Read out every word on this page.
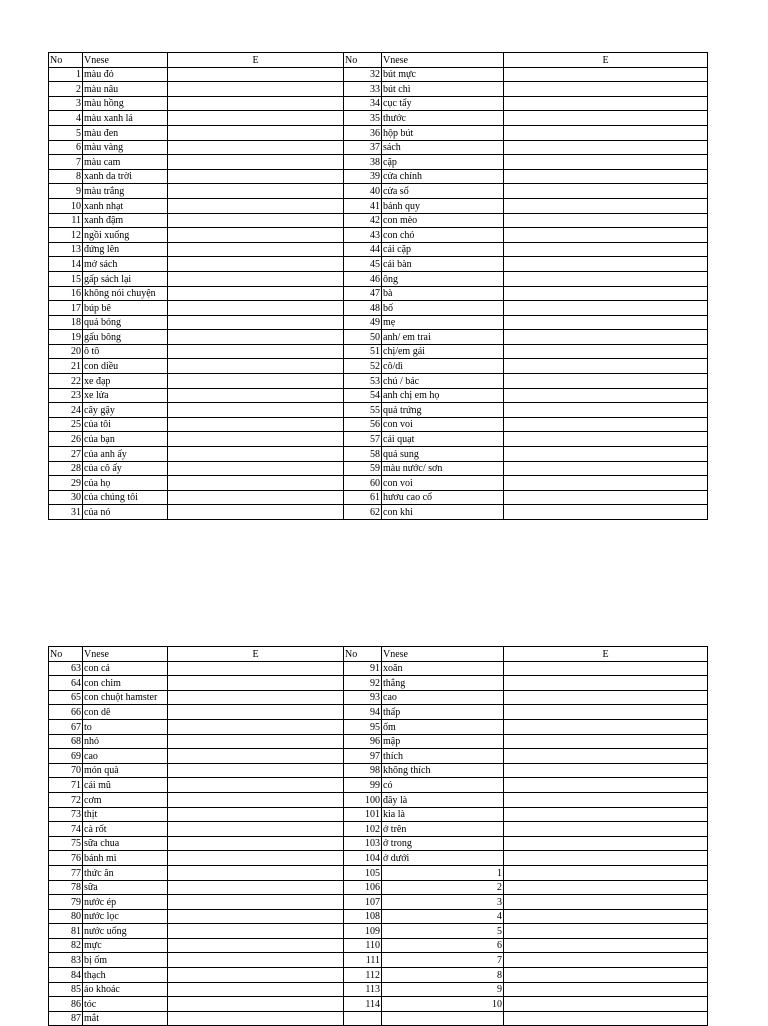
No	Vnese	E	No	Vnese	E
1	màu đỏ		32	bút mực	
2	màu nâu		33	bút chì	
3	màu hồng		34	cục tẩy	
4	màu xanh lá		35	thước	
5	màu đen		36	hộp bút	
6	màu vàng		37	sách	
7	màu cam		38	cặp	
8	xanh da trời		39	cửa chính	
9	màu trắng		40	cửa sổ	
10	xanh nhạt		41	bánh quy	
11	xanh đậm		42	con mèo	
12	ngồi xuống		43	con chó	
13	đứng lên		44	cái cặp	
14	mở sách		45	cái bàn	
15	gấp sách lại		46	ông	
16	không nói chuyện		47	bà	
17	búp bê		48	bố	
18	quả bóng		49	mẹ	
19	gấu bông		50	anh/ em trai	
20	ô tô		51	chị/em gái	
21	con diều		52	cô/dì	
22	xe đạp		53	chú / bác	
23	xe lửa		54	anh chị em họ	
24	cây gậy		55	quả trứng	
25	của tôi		56	con voi	
26	của bạn		57	cái quạt	
27	của anh ấy		58	quả sung	
28	của cô ấy		59	màu nước/ sơn	
29	của họ		60	con voi	
30	của chúng tôi		61	hươu cao cổ	
31	của nó		62	con khỉ	
No	Vnese	E	No	Vnese	E
63	con cá		91	xoăn	
64	con chim		92	thẳng	
65	con chuột hamster		93	cao	
66	con dê		94	thấp	
67	to		95	ốm	
68	nhỏ		96	mập	
69	cao		97	thích	
70	món quà		98	không thích	
71	cái mũ		99	có	
72	cơm		100	đây là	
73	thịt		101	kia là	
74	cà rốt		102	ở trên	
75	sữa chua		103	ở trong	
76	bánh mì		104	ở dưới	
77	thức ăn		105	1	
78	sữa		106	2	
79	nước ép		107	3	
80	nước lọc		108	4	
81	nước uống		109	5	
82	mực		110	6	
83	bị ốm		111	7	
84	thạch		112	8	
85	áo khoác		113	9	
86	tóc		114	10	
87	mắt				
